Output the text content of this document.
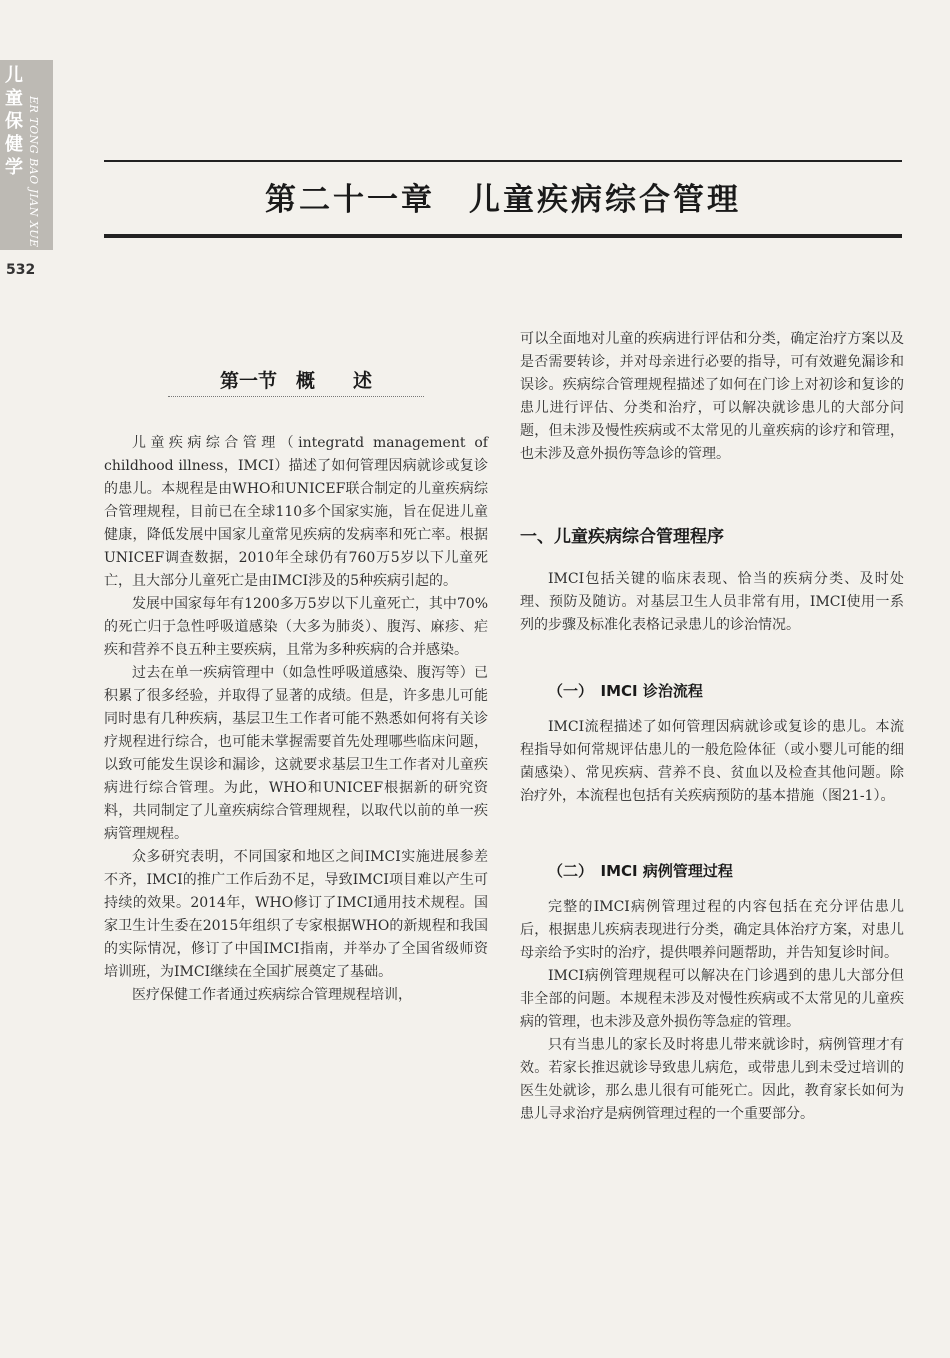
儿
童
保
健
学 ER TONG BAO JIAN XUE
532
第二十一章　儿童疾病综合管理
第一节　概　　述

儿童疾病综合管理（integratd management of childhood illness，IMCI）描述了如何管理因病就诊或复诊的患儿。本规程是由WHO和UNICEF联合制定的儿童疾病综合管理规程，目前已在全球110多个国家实施，旨在促进儿童健康，降低发展中国家儿童常见疾病的发病率和死亡率。根据UNICEF调查数据，2010年全球仍有760万5岁以下儿童死亡，且大部分儿童死亡是由IMCI涉及的5种疾病引起的。

发展中国家每年有1200多万5岁以下儿童死亡，其中70%的死亡归于急性呼吸道感染（大多为肺炎）、腹泻、麻疹、疟疾和营养不良五种主要疾病，且常为多种疾病的合并感染。

过去在单一疾病管理中（如急性呼吸道感染、腹泻等）已积累了很多经验，并取得了显著的成绩。但是，许多患儿可能同时患有几种疾病，基层卫生工作者可能不熟悉如何将有关诊疗规程进行综合，也可能未掌握需要首先处理哪些临床问题，以致可能发生误诊和漏诊，这就要求基层卫生工作者对儿童疾病进行综合管理。为此，WHO和UNICEF根据新的研究资料，共同制定了儿童疾病综合管理规程，以取代以前的单一疾病管理规程。

众多研究表明，不同国家和地区之间IMCI实施进展参差不齐，IMCI的推广工作后劲不足，导致IMCI项目难以产生可持续的效果。2014年，WHO修订了IMCI通用技术规程。国家卫生计生委在2015年组织了专家根据WHO的新规程和我国的实际情况，修订了中国IMCI指南，并举办了全国省级师资培训班，为IMCI继续在全国扩展奠定了基础。

医疗保健工作者通过疾病综合管理规程培训，

可以全面地对儿童的疾病进行评估和分类，确定治疗方案以及是否需要转诊，并对母亲进行必要的指导，可有效避免漏诊和误诊。疾病综合管理规程描述了如何在门诊上对初诊和复诊的患儿进行评估、分类和治疗，可以解决就诊患儿的大部分问题，但未涉及慢性疾病或不太常见的儿童疾病的诊疗和管理，也未涉及意外损伤等急诊的管理。

一、儿童疾病综合管理程序

IMCI包括关键的临床表现、恰当的疾病分类、及时处理、预防及随访。对基层卫生人员非常有用，IMCI使用一系列的步骤及标准化表格记录患儿的诊治情况。

（一）　IMCI 诊治流程

IMCI流程描述了如何管理因病就诊或复诊的患儿。本流程指导如何常规评估患儿的一般危险体征（或小婴儿可能的细菌感染）、常见疾病、营养不良、贫血以及检查其他问题。除治疗外，本流程也包括有关疾病预防的基本措施（图21-1）。

（二）　IMCI 病例管理过程

完整的IMCI病例管理过程的内容包括在充分评估患儿后，根据患儿疾病表现进行分类，确定具体治疗方案，对患儿母亲给予实时的治疗，提供喂养问题帮助，并告知复诊时间。

IMCI病例管理规程可以解决在门诊遇到的患儿大部分但非全部的问题。本规程未涉及对慢性疾病或不太常见的儿童疾病的管理，也未涉及意外损伤等急症的管理。

只有当患儿的家长及时将患儿带来就诊时，病例管理才有效。若家长推迟就诊导致患儿病危，或带患儿到未受过培训的医生处就诊，那么患儿很有可能死亡。因此，教育家长如何为患儿寻求治疗是病例管理过程的一个重要部分。
